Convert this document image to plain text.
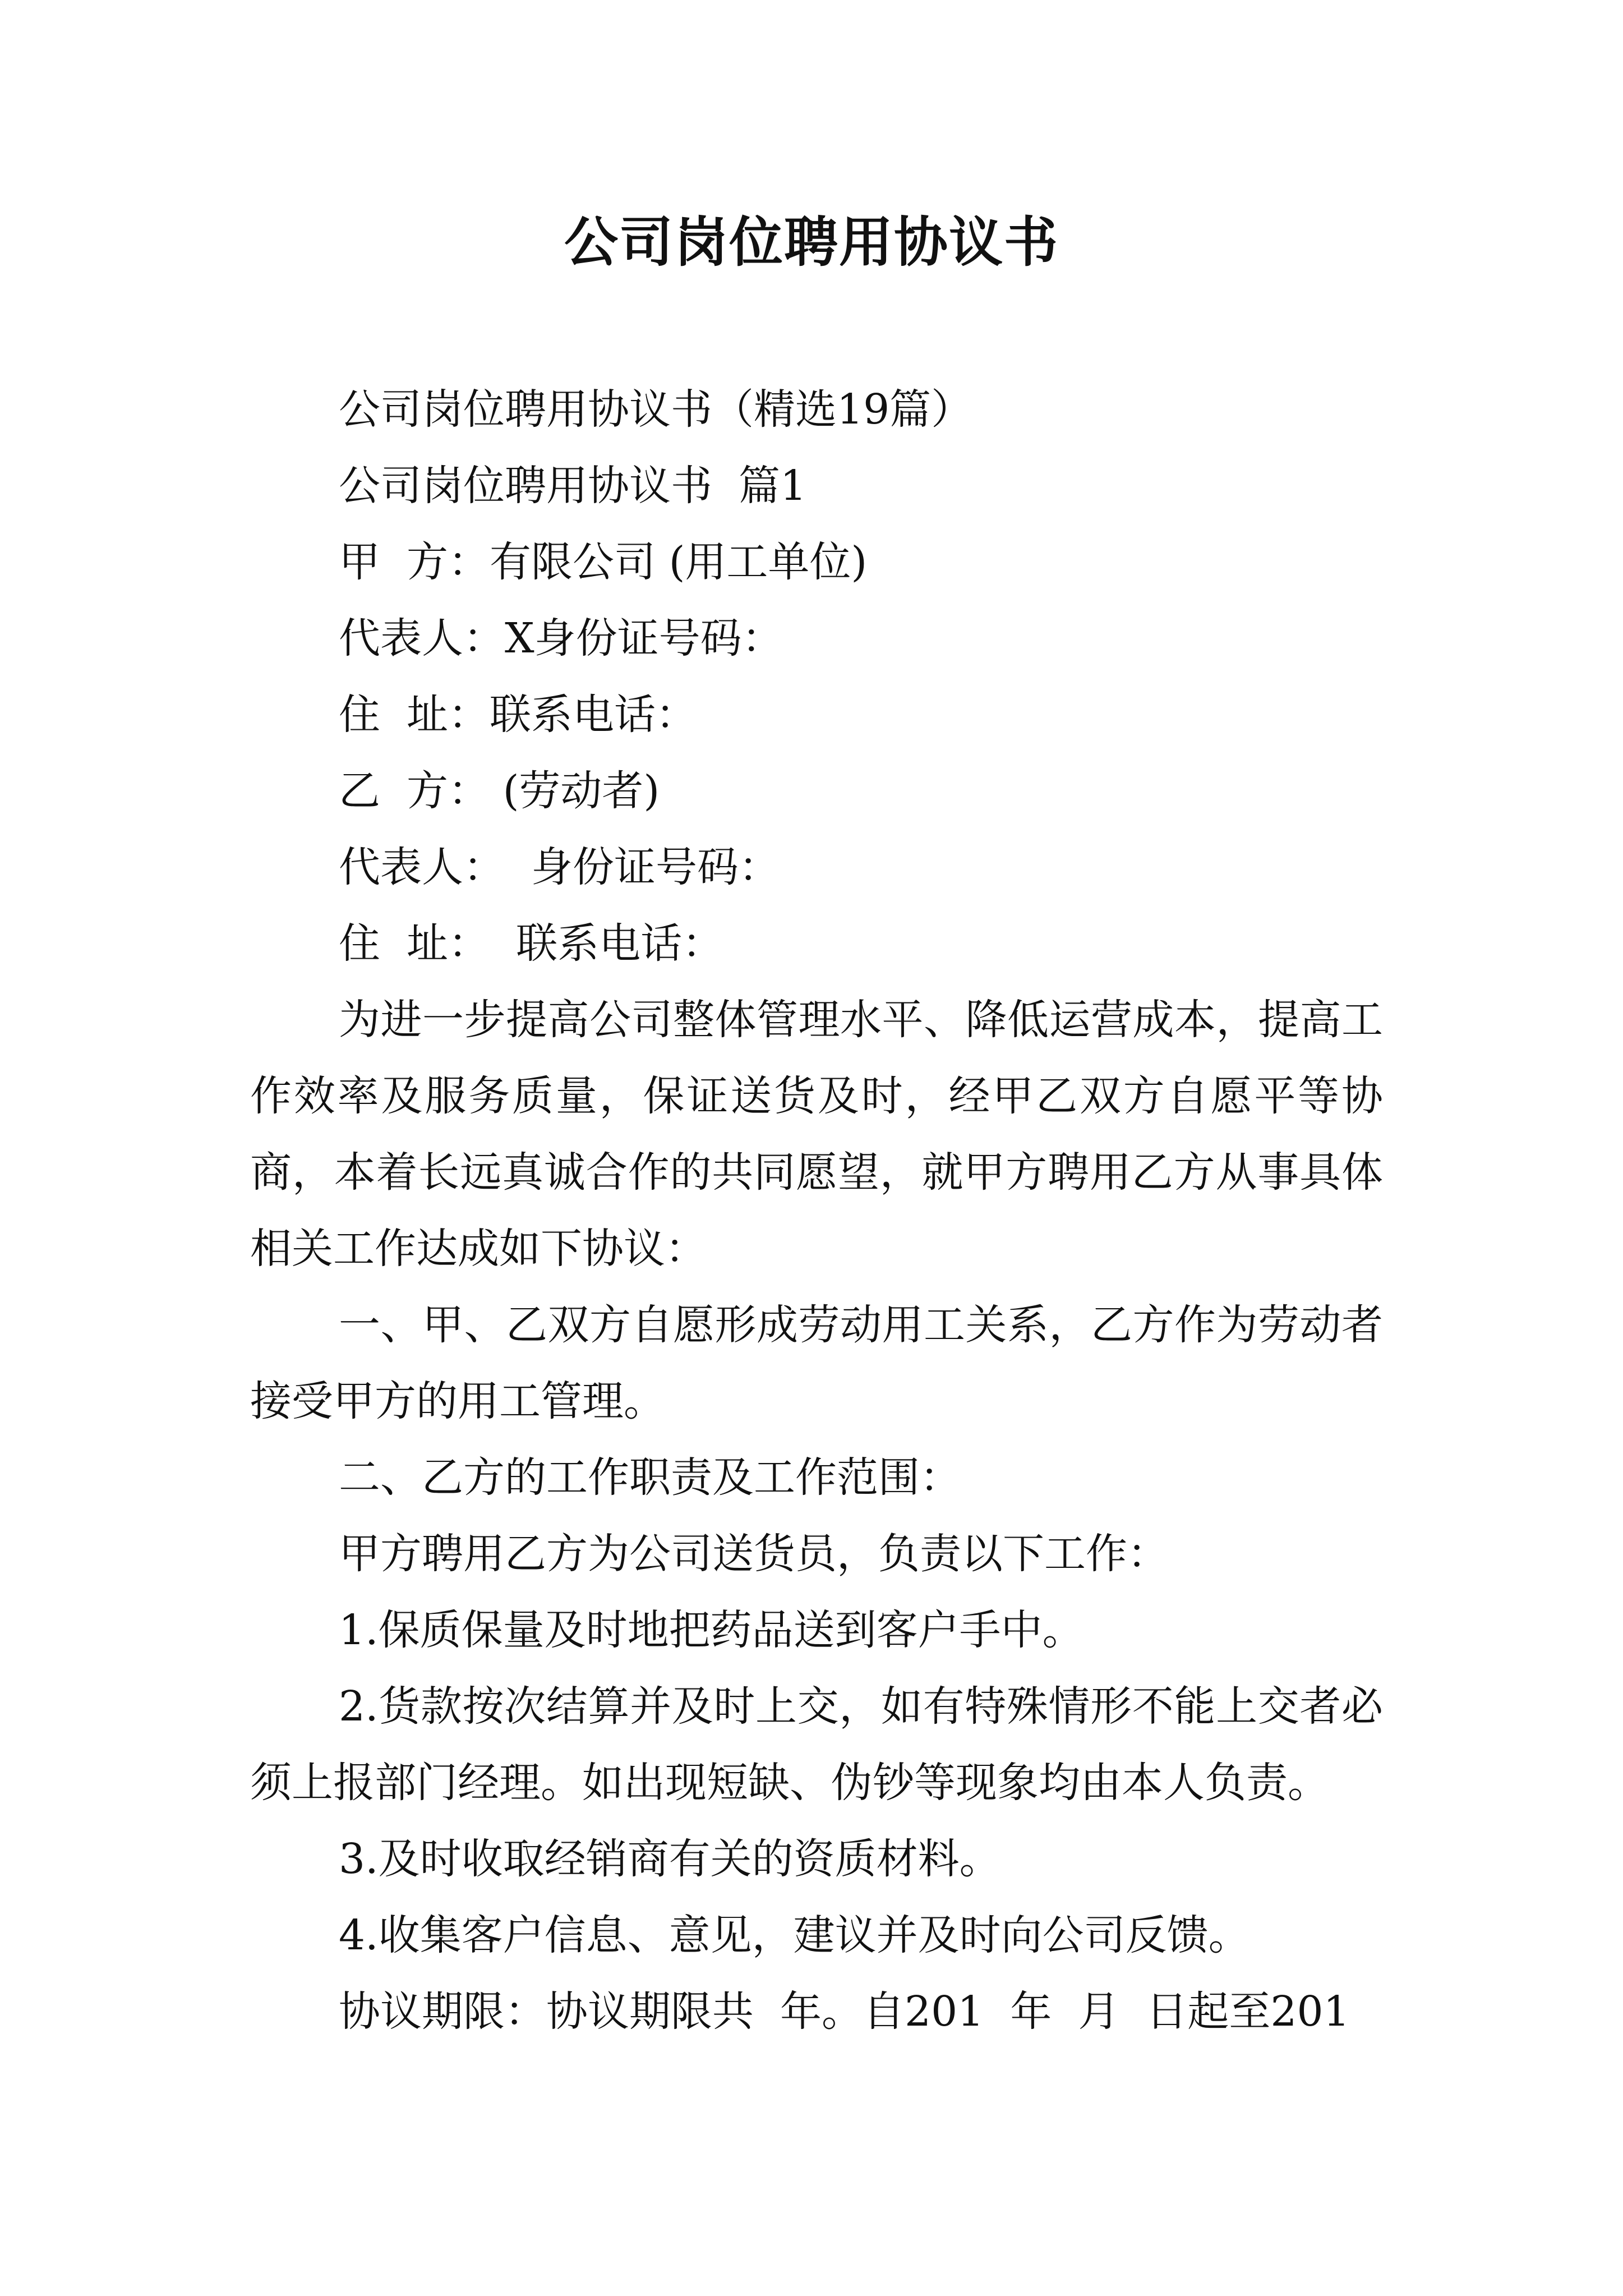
公司岗位聘用协议书

公司岗位聘用协议书（精选19篇）

公司岗位聘用协议书  篇1

甲  方：有限公司 (用工单位)

代表人：X身份证号码：

住  址：联系电话：

乙  方： (劳动者)

代表人：  身份证号码：

住  址：  联系电话：

为进一步提高公司整体管理水平、降低运营成本，提高工作效率及服务质量，保证送货及时，经甲乙双方自愿平等协商，本着长远真诚合作的共同愿望，就甲方聘用乙方从事具体相关工作达成如下协议：

一、甲、乙双方自愿形成劳动用工关系，乙方作为劳动者接受甲方的用工管理。

二、乙方的工作职责及工作范围：

甲方聘用乙方为公司送货员，负责以下工作：

1.保质保量及时地把药品送到客户手中。

2.货款按次结算并及时上交，如有特殊情形不能上交者必须上报部门经理。如出现短缺、伪钞等现象均由本人负责。

3.及时收取经销商有关的资质材料。

4.收集客户信息、意见，建议并及时向公司反馈。

协议期限：协议期限共  年。自201  年  月  日起至201
